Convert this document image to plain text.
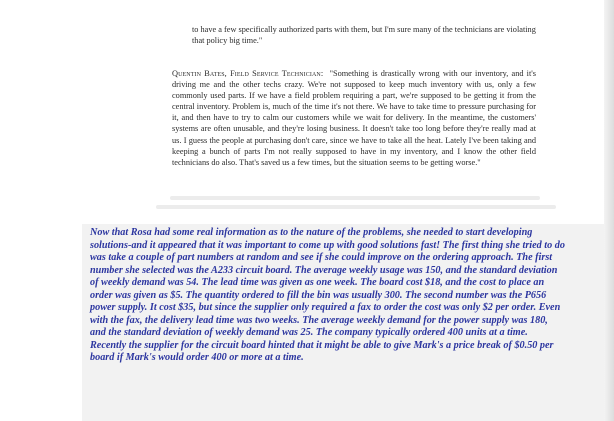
to have a few specifically authorized parts with them, but I'm sure many of the technicians are violating that policy big time."

Quentin Bates, Field Service Technician: "Something is drastically wrong with our inventory, and it's driving me and the other techs crazy. We're not supposed to keep much inventory with us, only a few commonly used parts. If we have a field problem requiring a part, we're supposed to be getting it from the central inventory. Problem is, much of the time it's not there. We have to take time to pressure purchasing for it, and then have to try to calm our customers while we wait for delivery. In the meantime, the customers' systems are often unusable, and they're losing business. It doesn't take too long before they're really mad at us. I guess the people at purchasing don't care, since we have to take all the heat. Lately I've been taking and keeping a bunch of parts I'm not really supposed to have in my inventory, and I know the other field technicians do also. That's saved us a few times, but the situation seems to be getting worse."

Now that Rosa had some real information as to the nature of the problems, she needed to start developing solutions-and it appeared that it was important to come up with good solutions fast! The first thing she tried to do was take a couple of part numbers at random and see if she could improve on the ordering approach. The first number she selected was the A233 circuit board. The average weekly usage was 150, and the standard deviation of weekly demand was 54. The lead time was given as one week. The board cost $18, and the cost to place an order was given as $5. The quantity ordered to fill the bin was usually 300. The second number was the P656 power supply. It cost $35, but since the supplier only required a fax to order the cost was only $2 per order. Even with the fax, the delivery lead time was two weeks. The average weekly demand for the power supply was 180, and the standard deviation of weekly demand was 25. The company typically ordered 400 units at a time.

Recently the supplier for the circuit board hinted that it might be able to give Mark's a price break of $0.50 per board if Mark's would order 400 or more at a time.
